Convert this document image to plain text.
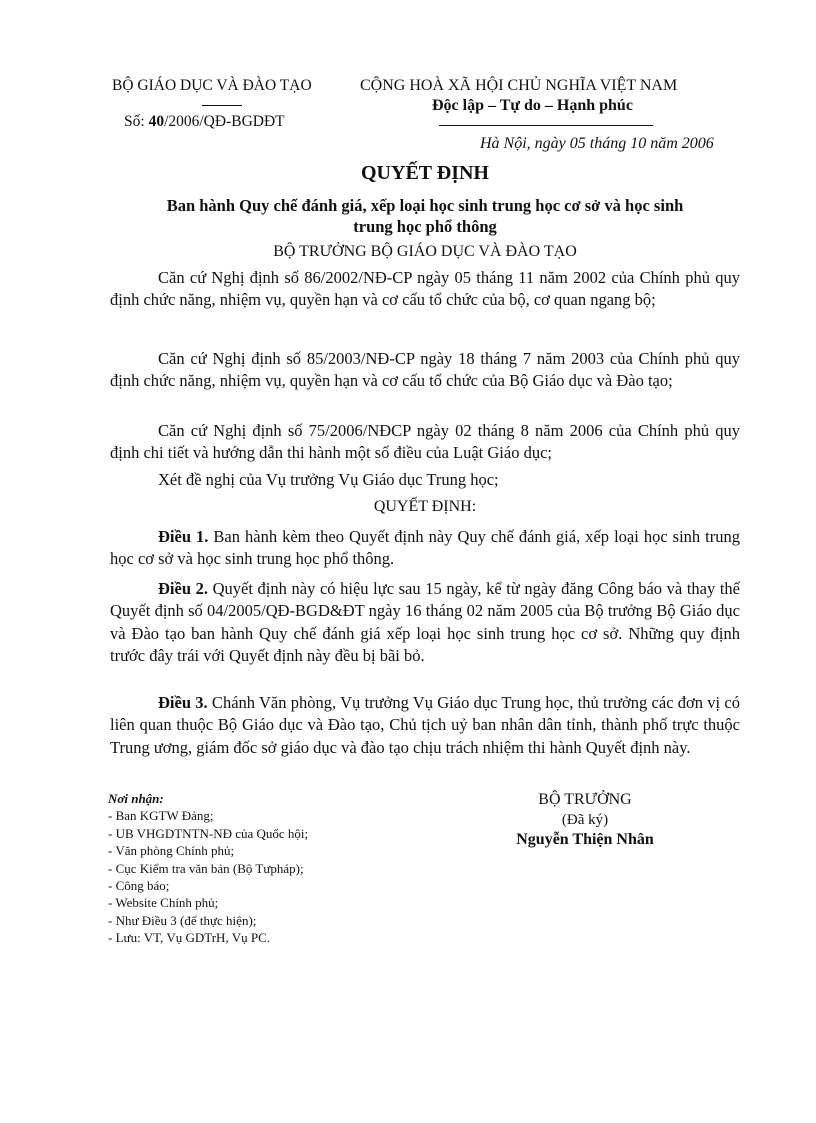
BỘ GIÁO DỤC VÀ ĐÀO TẠO
Số: 40/2006/QĐ-BGDĐT
CỘNG HOÀ XÃ HỘI CHỦ NGHĨA VIỆT NAM
Độc lập – Tự do – Hạnh phúc
Hà Nội, ngày 05 tháng 10 năm 2006
QUYẾT ĐỊNH
Ban hành Quy chế đánh giá, xếp loại học sinh trung học cơ sở và học sinh
trung học phổ thông
BỘ TRƯỞNG BỘ GIÁO DỤC VÀ ĐÀO TẠO
Căn cứ Nghị định số 86/2002/NĐ-CP ngày 05 tháng 11 năm 2002 của Chính phủ quy định chức năng, nhiệm vụ, quyền hạn và cơ cấu tổ chức của bộ, cơ quan ngang bộ;
Căn cứ Nghị định số 85/2003/NĐ-CP ngày 18 tháng 7 năm 2003 của Chính phủ quy định chức năng, nhiệm vụ, quyền hạn và cơ cấu tổ chức của Bộ Giáo dục và Đào tạo;
Căn cứ Nghị định số 75/2006/NĐCP ngày 02 tháng 8 năm 2006 của Chính phủ quy định chi tiết và hướng dẫn thi hành một số điều của Luật Giáo dục;
Xét đề nghị của Vụ trưởng Vụ Giáo dục Trung học;
QUYẾT ĐỊNH:
Điều 1. Ban hành kèm theo Quyết định này Quy chế đánh giá, xếp loại học sinh trung học cơ sở và học sinh trung học phổ thông.
Điều 2. Quyết định này có hiệu lực sau 15 ngày, kể từ ngày đăng Công báo và thay thế Quyết định số 04/2005/QĐ-BGD&ĐT ngày 16 tháng 02 năm 2005 của Bộ trưởng Bộ Giáo dục và Đào tạo ban hành Quy chế đánh giá xếp loại học sinh trung học cơ sở. Những quy định trước đây trái với Quyết định này đều bị bãi bỏ.
Điều 3. Chánh Văn phòng, Vụ trưởng Vụ Giáo dục Trung học, thủ trưởng các đơn vị có liên quan thuộc Bộ Giáo dục và Đào tạo, Chủ tịch uỷ ban nhân dân tỉnh, thành phố trực thuộc Trung ương, giám đốc sở giáo dục và đào tạo chịu trách nhiệm thi hành Quyết định này.
Nơi nhận:
- Ban KGTW Đảng;
- UB VHGDTNTN-NĐ của Quốc hội;
- Văn phòng Chính phủ;
- Cục Kiểm tra văn bản (Bộ Tưpháp);
- Công báo;
- Website Chính phủ;
- Như Điều 3 (để thực hiện);
- Lưu: VT, Vụ GDTrH, Vụ PC.
BỘ TRƯỞNG
(Đã ký)
Nguyễn Thiện Nhân
